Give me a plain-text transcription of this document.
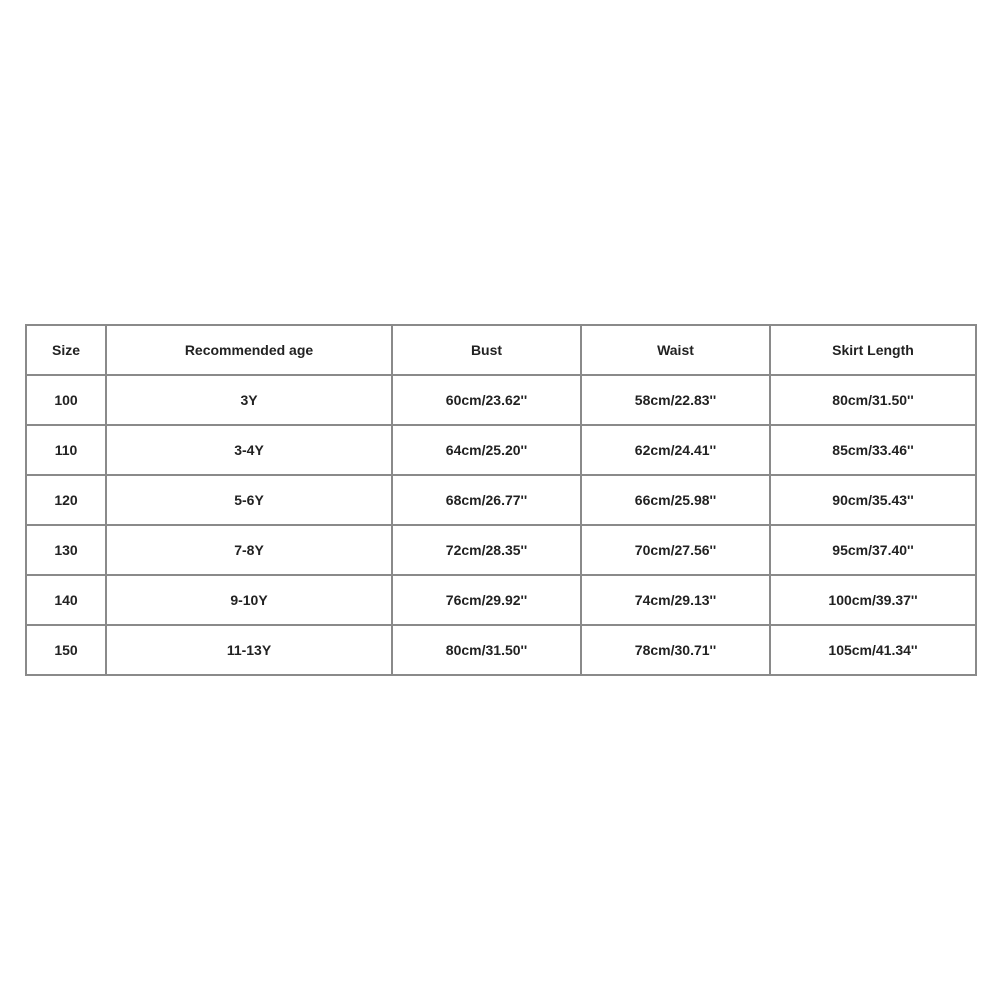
Size	Recommended age	Bust	Waist	Skirt Length
100	3Y	60cm/23.62''	58cm/22.83''	80cm/31.50''
110	3-4Y	64cm/25.20''	62cm/24.41''	85cm/33.46''
120	5-6Y	68cm/26.77''	66cm/25.98''	90cm/35.43''
130	7-8Y	72cm/28.35''	70cm/27.56''	95cm/37.40''
140	9-10Y	76cm/29.92''	74cm/29.13''	100cm/39.37''
150	11-13Y	80cm/31.50''	78cm/30.71''	105cm/41.34''
